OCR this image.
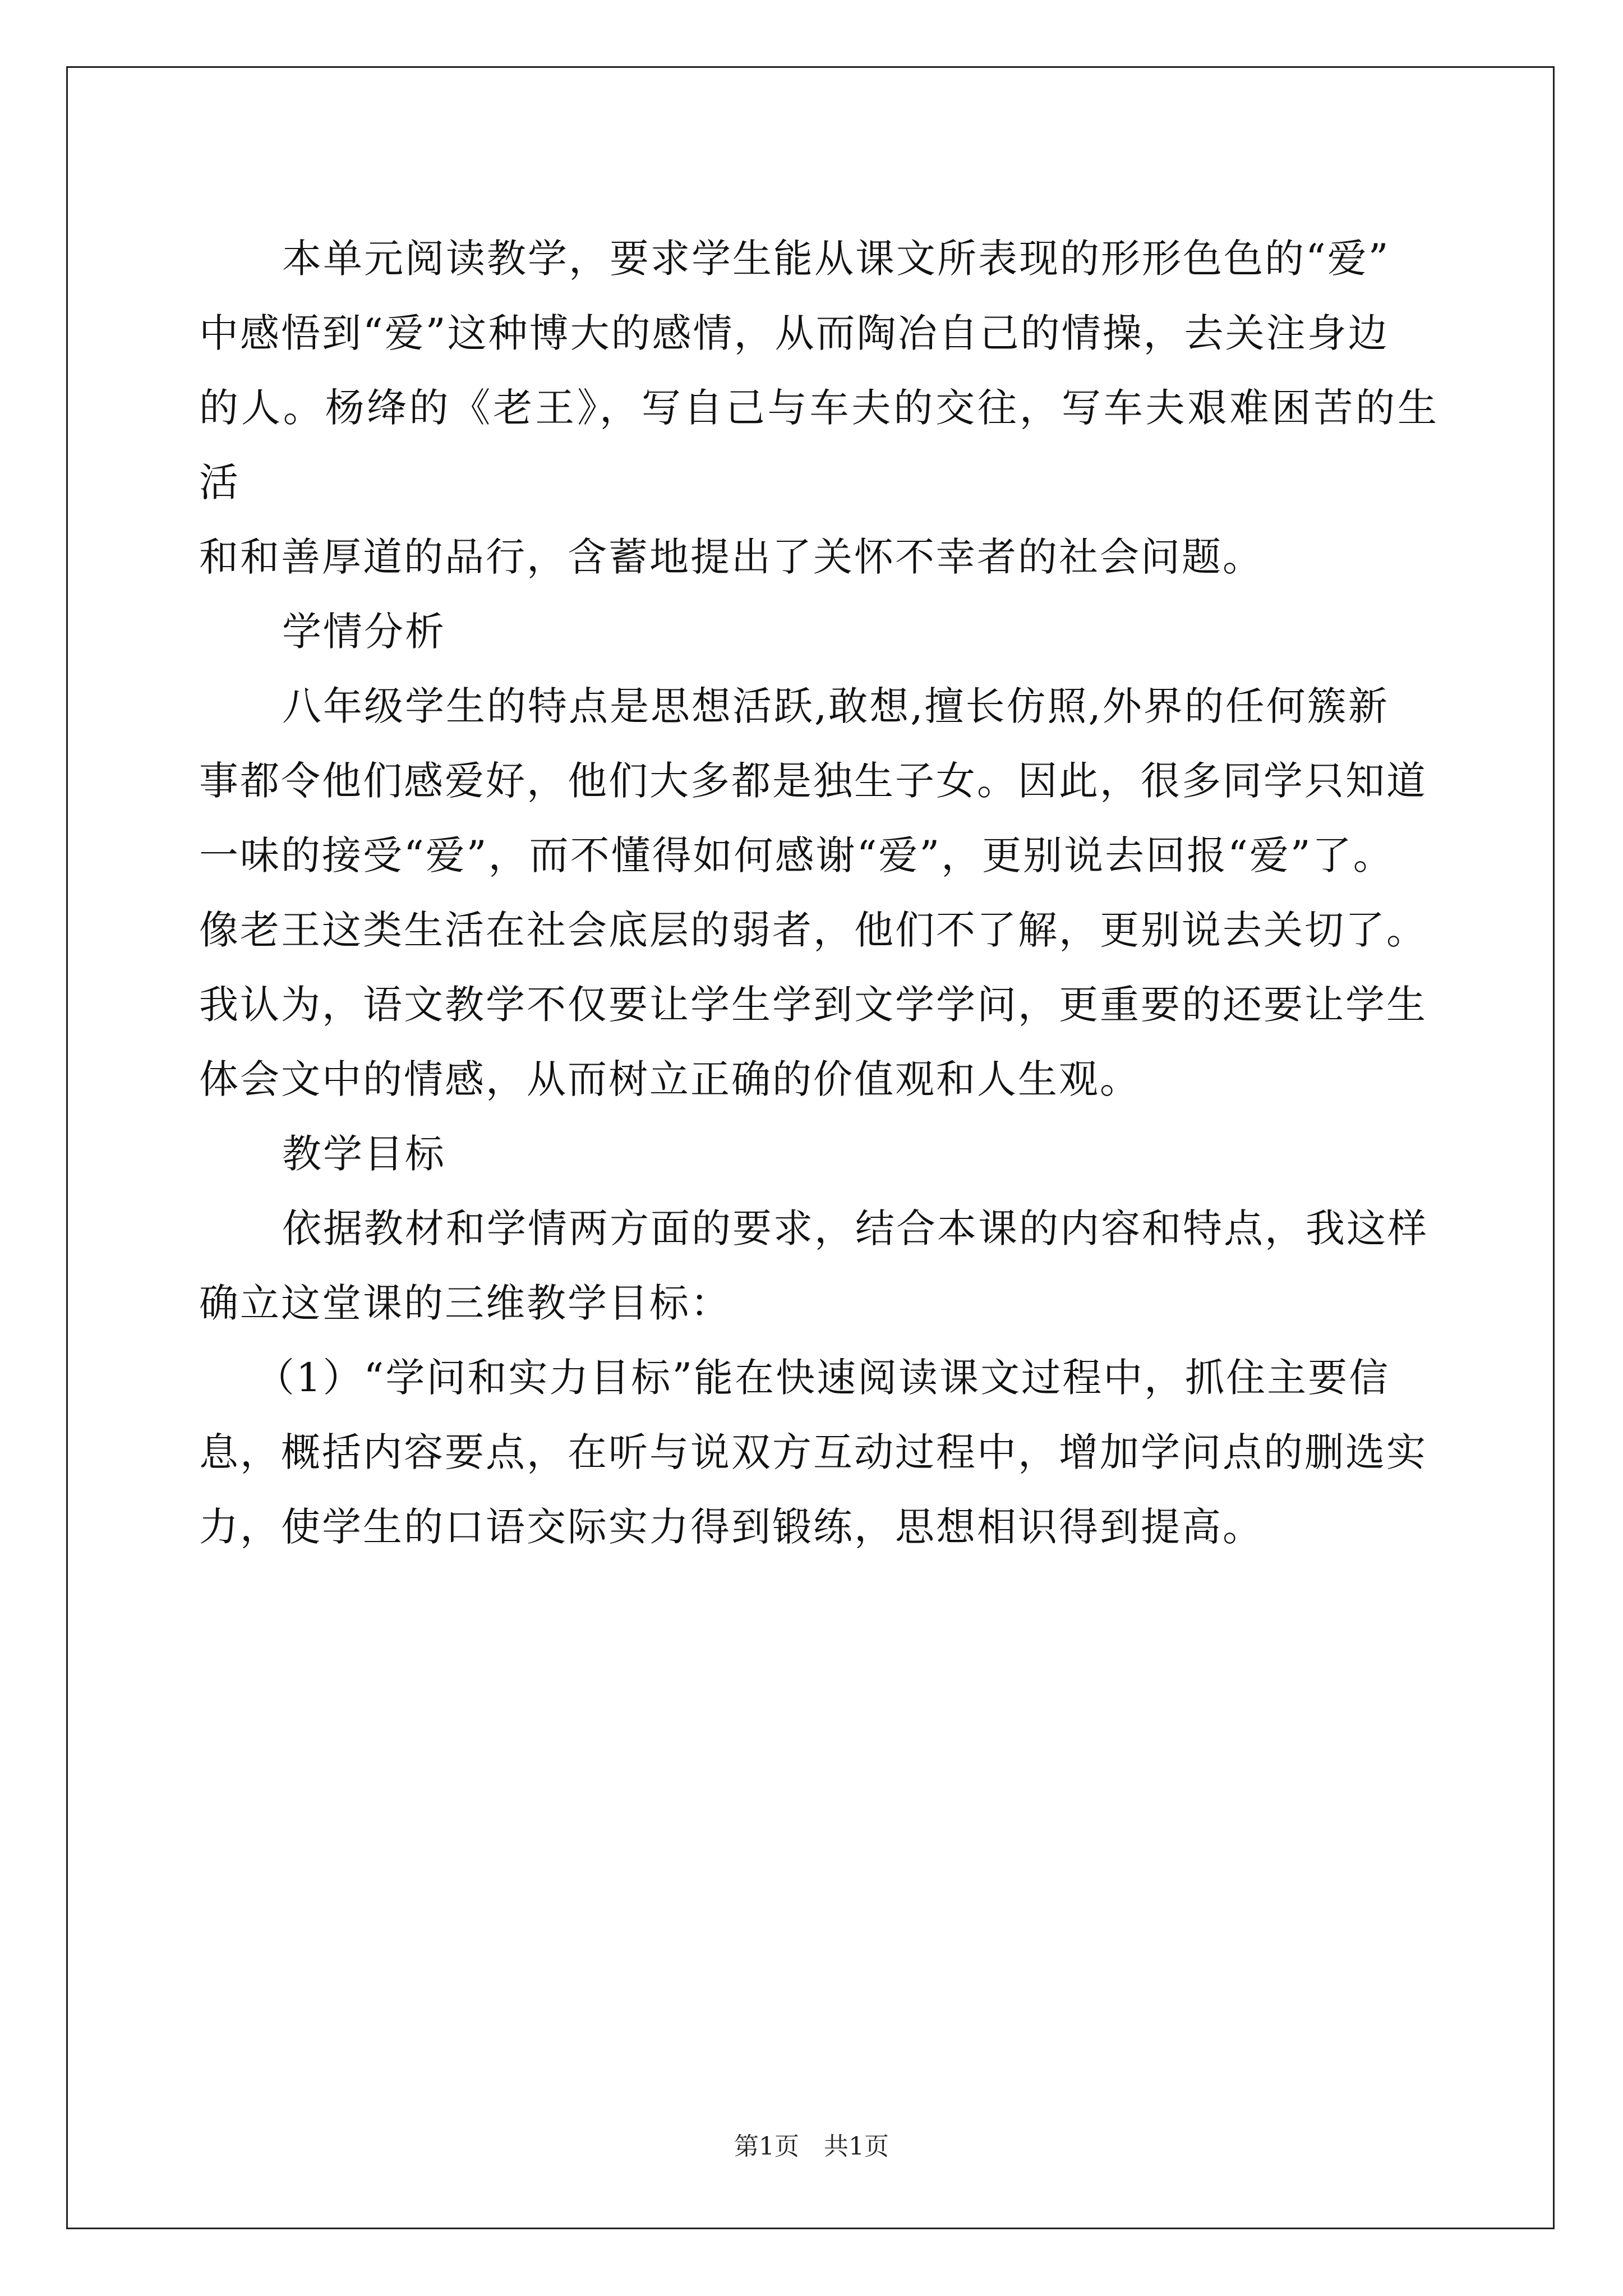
本单元阅读教学，要求学生能从课文所表现的形形色色的“爱”

中感悟到“爱”这种博大的感情，从而陶冶自己的情操，去关注身边

的人。杨绛的《老王》，写自己与车夫的交往，写车夫艰难困苦的生活

和和善厚道的品行，含蓄地提出了关怀不幸者的社会问题。

学情分析

八年级学生的特点是思想活跃,敢想,擅长仿照,外界的任何簇新

事都令他们感爱好，他们大多都是独生子女。因此，很多同学只知道

一味的接受“爱”，而不懂得如何感谢“爱”，更别说去回报“爱”了。

像老王这类生活在社会底层的弱者，他们不了解，更别说去关切了。

我认为，语文教学不仅要让学生学到文学学问，更重要的还要让学生

体会文中的情感，从而树立正确的价值观和人生观。

教学目标

依据教材和学情两方面的要求，结合本课的内容和特点，我这样

确立这堂课的三维教学目标：

（1）“学问和实力目标”能在快速阅读课文过程中，抓住主要信

息，概括内容要点，在听与说双方互动过程中，增加学问点的删选实

力，使学生的口语交际实力得到锻练，思想相识得到提高。

第1页　共1页
